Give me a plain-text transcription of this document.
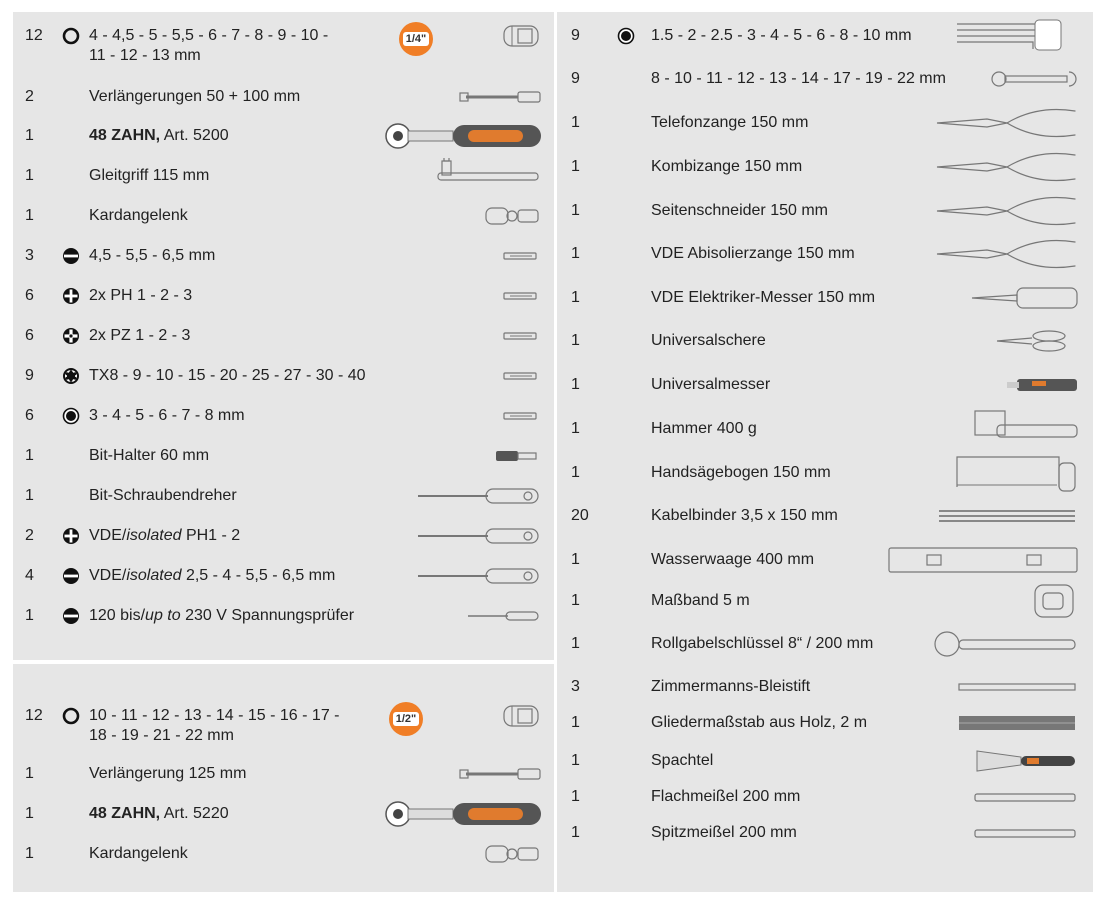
12	4 - 4,5 - 5 - 5,5 - 6 - 7 - 8 - 9 - 10 -
11 - 12 - 13 mm
1/4"
2	Verlängerungen 50 + 100 mm
1	48 ZAHN, Art. 5200
1	Gleitgriff 115 mm
1	Kardangelenk
3	4,5 - 5,5 - 6,5 mm
6	2x PH 1 - 2 - 3
6	2x PZ 1 - 2 - 3
9	TX8 - 9 - 10 - 15 - 20 - 25 - 27 - 30 - 40
6	3 - 4 - 5 - 6 - 7 - 8 mm
1	Bit-Halter 60 mm
1	Bit-Schraubendreher
2	VDE/isolated PH1 - 2
4	VDE/isolated 2,5 - 4 - 5,5 - 6,5 mm
1	120 bis/up to 230 V Spannungsprüfer
12	10 - 11 - 12 - 13 - 14 - 15 - 16 - 17 -
18 - 19 - 21 - 22 mm
1/2"
1	Verlängerung 125 mm
1	48 ZAHN, Art. 5220
1	Kardangelenk
9	1.5 - 2 - 2.5 - 3 - 4 - 5 - 6 - 8 - 10 mm
9	8 - 10 - 11 - 12 - 13 - 14 - 17 - 19 - 22 mm
1	Telefonzange 150 mm
1	Kombizange 150 mm
1	Seitenschneider 150 mm
1	VDE Abisolierzange 150 mm
1	VDE Elektriker-Messer 150 mm
1	Universalschere
1	Universalmesser
1	Hammer 400 g
1	Handsägebogen 150 mm
20	Kabelbinder 3,5 x 150 mm
1	Wasserwaage 400 mm
1	Maßband 5 m
1	Rollgabelschlüssel 8“ / 200 mm
3	Zimmermanns-Bleistift
1	Gliedermaßstab aus Holz, 2 m
1	Spachtel
1	Flachmeißel 200 mm
1	Spitzmeißel 200 mm
